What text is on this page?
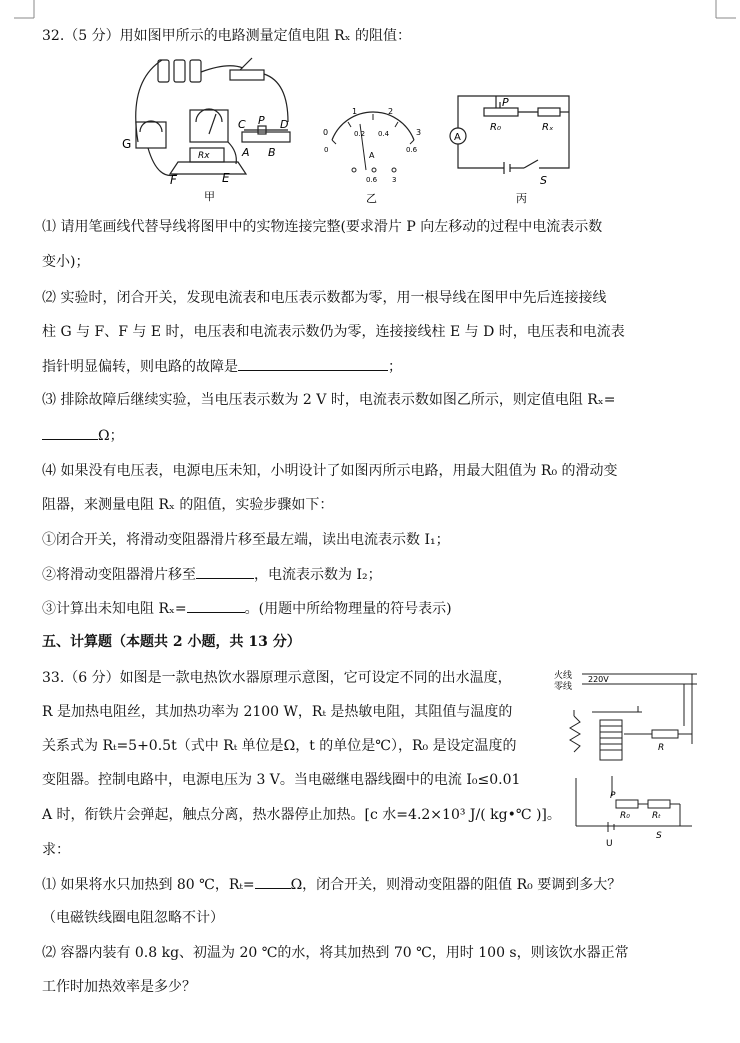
32.（5 分）用如图甲所示的电路测量定值电阻 Rₓ 的阻值：
G
F	E
Rx
C P D
A B
甲
0
1	2
3
0
0.2 0.4
0.6
A
0.6 3
乙
A
P
R₀	Rₓ
S
丙
⑴ 请用笔画线代替导线将图甲中的实物连接完整(要求滑片 P 向左移动的过程中电流表示数
变小)；
⑵ 实验时，闭合开关，发现电流表和电压表示数都为零，用一根导线在图甲中先后连接接线
柱 G 与 F、F 与 E 时，电压表和电流表示数仍为零，连接接线柱 E 与 D 时，电压表和电流表
指针明显偏转，则电路的故障是	；
⑶ 排除故障后继续实验，当电压表示数为 2 V 时，电流表示数如图乙所示，则定值电阻 Rₓ=
Ω；
⑷ 如果没有电压表，电源电压未知，小明设计了如图丙所示电路，用最大阻值为 R₀ 的滑动变
阻器，来测量电阻 Rₓ 的阻值，实验步骤如下：
①闭合开关，将滑动变阻器滑片移至最左端，读出电流表示数 I₁；
②将滑动变阻器滑片移至	，电流表示数为 I₂；
③计算出未知电阻 Rₓ=	。(用题中所给物理量的符号表示)
五、计算题（本题共 2 小题，共 13 分）
33.（6 分）如图是一款电热饮水器原理示意图，它可设定不同的出水温度，
R 是加热电阻丝，其加热功率为 2100 W，Rₜ 是热敏电阻，其阻值与温度的
关系式为 Rₜ=5+0.5t（式中 Rₜ 单位是Ω，t 的单位是℃），R₀ 是设定温度的
变阻器。控制电路中，电源电压为 3 V。当电磁继电器线圈中的电流 I₀≤0.01
A 时，衔铁片会弹起，触点分离，热水器停止加热。[c 水=4.2×10³ J/( kg•℃ )]。
求：
火线
零线
220V
R
P
R₀ Rₜ
S
U
⑴ 如果将水只加热到 80 ℃，Rₜ=	Ω，闭合开关，则滑动变阻器的阻值 R₀ 要调到多大？
（电磁铁线圈电阻忽略不计）
⑵ 容器内装有 0.8 kg、初温为 20 ℃的水，将其加热到 70 ℃，用时 100 s，则该饮水器正常
工作时加热效率是多少？
